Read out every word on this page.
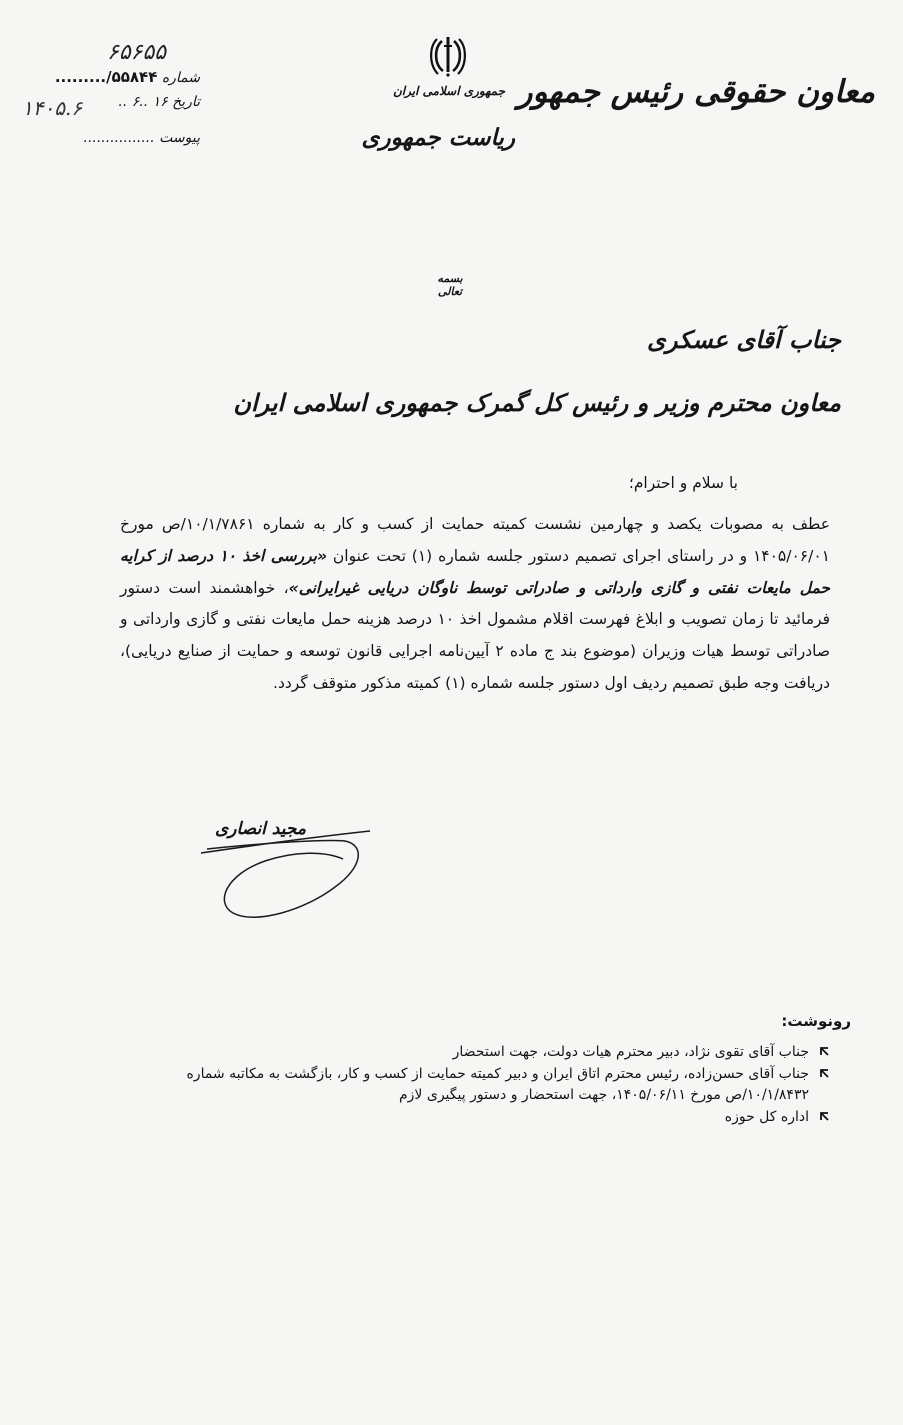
معاون حقوقی رئیس جمهور
جمهوری اسلامی ایران
ریاست جمهوری
۶۵۶۵۵
شماره ۵۵۸۴۴/.........
تاریخ ۱۶ ..۶ ..
۱۴۰۵.۶
پیوست ................
بسمه تعالی
جناب آقای عسکری
معاون محترم وزیر و رئیس کل گمرک جمهوری اسلامی ایران
با سلام و احترام؛
عطف به مصوبات یکصد و چهارمین نشست کمیته حمایت از کسب و کار به شماره ۱۰/۱/۷۸۶۱/ص مورخ ۱۴۰۵/۰۶/۰۱ و در راستای اجرای تصمیم دستور جلسه شماره (۱) تحت عنوان «بررسی اخذ ۱۰ درصد از کرایه حمل مایعات نفتی و گازی وارداتی و صادراتی توسط ناوگان دریایی غیرایرانی»، خواهشمند است دستور فرمائید تا زمان تصویب و ابلاغ فهرست اقلام مشمول اخذ ۱۰ درصد هزینه حمل مایعات نفتی و گازی وارداتی و صادراتی توسط هیات وزیران (موضوع بند ج ماده ۲ آیین‌نامه اجرایی قانون توسعه و حمایت از صنایع دریایی)، دریافت وجه طبق تصمیم ردیف اول دستور جلسه شماره (۱) کمیته مذکور متوقف گردد.
مجید انصاری
رونوشت:
جناب آقای تقوی نژاد، دبیر محترم هیات دولت، جهت استحضار
جناب آقای حسن‌زاده، رئیس محترم اتاق ایران و دبیر کمیته حمایت از کسب و کار، بازگشت به مکاتبه شماره ۱۰/۱/۸۴۳۲/ص مورخ ۱۴۰۵/۰۶/۱۱، جهت استحضار و دستور پیگیری لازم
اداره کل حوزه
